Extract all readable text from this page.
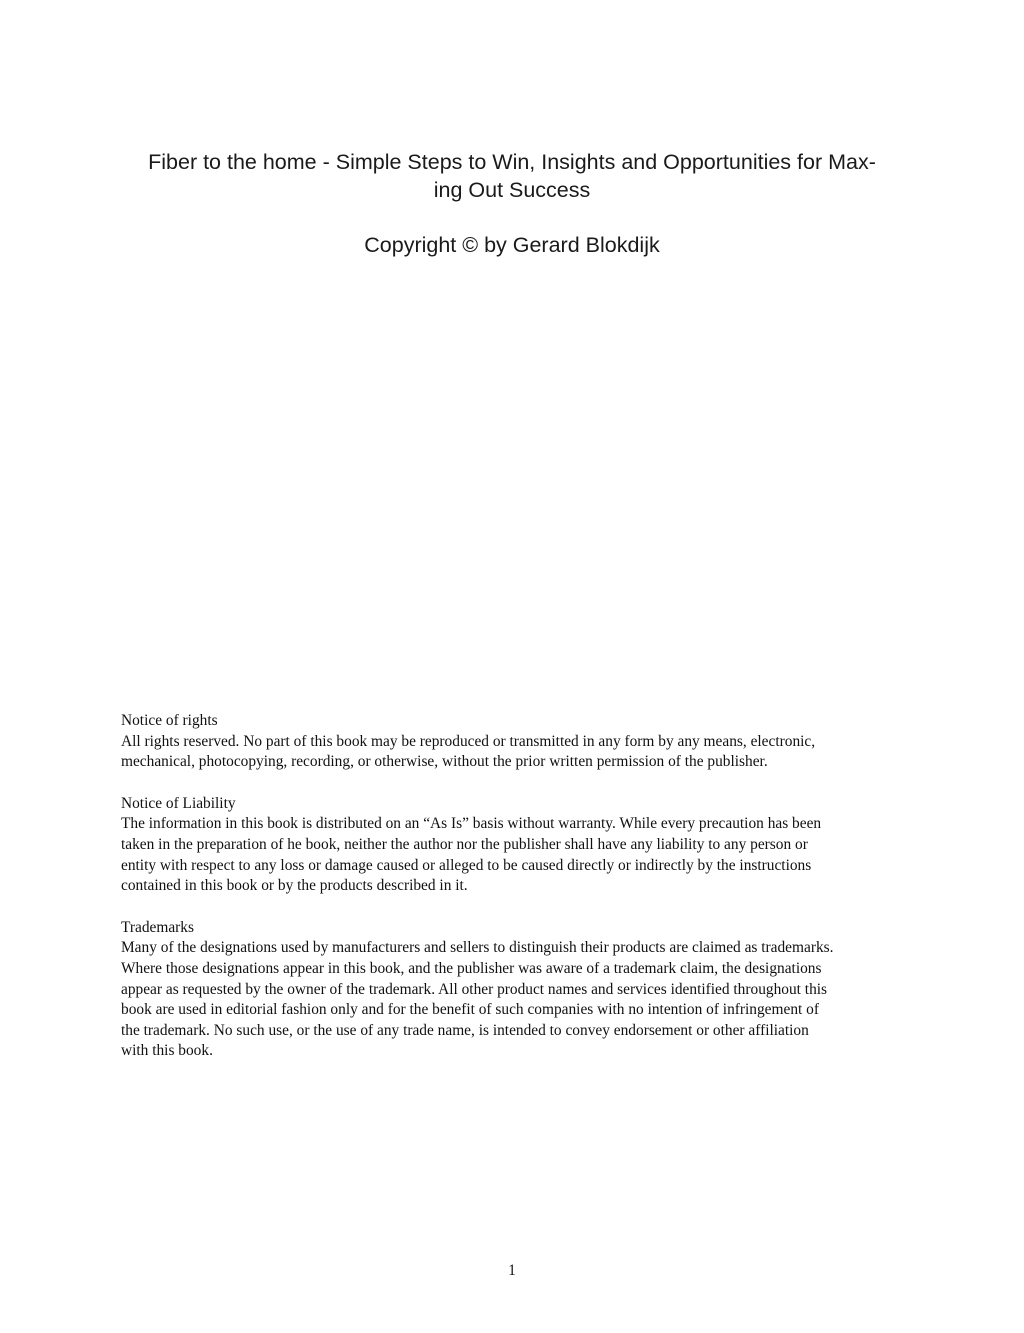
Fiber to the home - Simple Steps to Win, Insights and Opportunities for Max-
ing Out Success
Copyright © by Gerard Blokdijk
Notice of rights
All rights reserved. No part of this book may be reproduced or transmitted in any form by any means, electronic,
mechanical, photocopying, recording, or otherwise, without the prior written permission of the publisher.
Notice of Liability
The information in this book is distributed on an “As Is” basis without warranty. While every precaution has been
taken in the preparation of he book, neither the author nor the publisher shall have any liability to any person or
entity with respect to any loss or damage caused or alleged to be caused directly or indirectly by the instructions
contained in this book or by the products described in it.
Trademarks
Many of the designations used by manufacturers and sellers to distinguish their products are claimed as trademarks.
Where those designations appear in this book, and the publisher was aware of a trademark claim, the designations
appear as requested by the owner of the trademark. All other product names and services identified throughout this
book are used in editorial fashion only and for the benefit of such companies with no intention of infringement of
the trademark. No such use, or the use of any trade name, is intended to convey endorsement or other affiliation
with this book.
1
